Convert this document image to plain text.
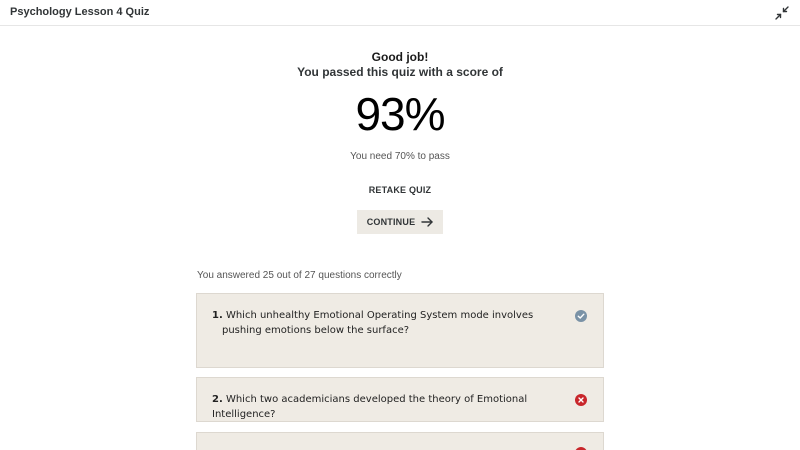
Psychology Lesson 4 Quiz
Good job!
You passed this quiz with a score of
93%
You need 70% to pass
RETAKE QUIZ
CONTINUE
You answered 25 out of 27 questions correctly
1. Which unhealthy Emotional Operating System mode involves pushing emotions below the surface?
2. Which two academicians developed the theory of Emotional Intelligence?
